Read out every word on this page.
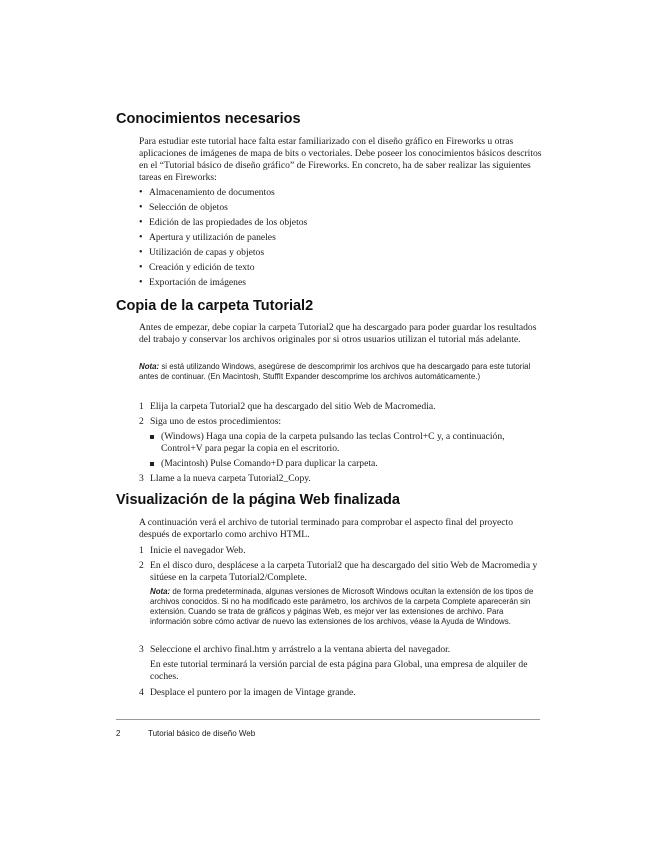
Conocimientos necesarios

Para estudiar este tutorial hace falta estar familiarizado con el diseño gráfico en Fireworks u otras aplicaciones de imágenes de mapa de bits o vectoriales. Debe poseer los conocimientos básicos descritos en el “Tutorial básico de diseño gráfico” de Fireworks. En concreto, ha de saber realizar las siguientes tareas en Fireworks:

• Almacenamiento de documentos
• Selección de objetos
• Edición de las propiedades de los objetos
• Apertura y utilización de paneles
• Utilización de capas y objetos
• Creación y edición de texto
• Exportación de imágenes
Copia de la carpeta Tutorial2

Antes de empezar, debe copiar la carpeta Tutorial2 que ha descargado para poder guardar los resultados del trabajo y conservar los archivos originales por si otros usuarios utilizan el tutorial más adelante.

Nota: si está utilizando Windows, asegúrese de descomprimir los archivos que ha descargado para este tutorial antes de continuar. (En Macintosh, StuffIt Expander descomprime los archivos automáticamente.)

1 Elija la carpeta Tutorial2 que ha descargado del sitio Web de Macromedia.

2 Siga uno de estos procedimientos:

(Windows) Haga una copia de la carpeta pulsando las teclas Control+C y, a continuación, Control+V para pegar la copia en el escritorio.

(Macintosh) Pulse Comando+D para duplicar la carpeta.

3 Llame a la nueva carpeta Tutorial2_Copy.

Visualización de la página Web finalizada

A continuación verá el archivo de tutorial terminado para comprobar el aspecto final del proyecto después de exportarlo como archivo HTML.

1 Inicie el navegador Web.

2 En el disco duro, desplácese a la carpeta Tutorial2 que ha descargado del sitio Web de Macromedia y sitúese en la carpeta Tutorial2/Complete.

Nota: de forma predeterminada, algunas versiones de Microsoft Windows ocultan la extensión de los tipos de archivos conocidos. Si no ha modificado este parámetro, los archivos de la carpeta Complete aparecerán sin extensión. Cuando se trata de gráficos y páginas Web, es mejor ver las extensiones de archivo. Para información sobre cómo activar de nuevo las extensiones de los archivos, véase la Ayuda de Windows.

3 Seleccione el archivo final.htm y arrástrelo a la ventana abierta del navegador.

En este tutorial terminará la versión parcial de esta página para Global, una empresa de alquiler de coches.

4 Desplace el puntero por la imagen de Vintage grande.

2	Tutorial básico de diseño Web
